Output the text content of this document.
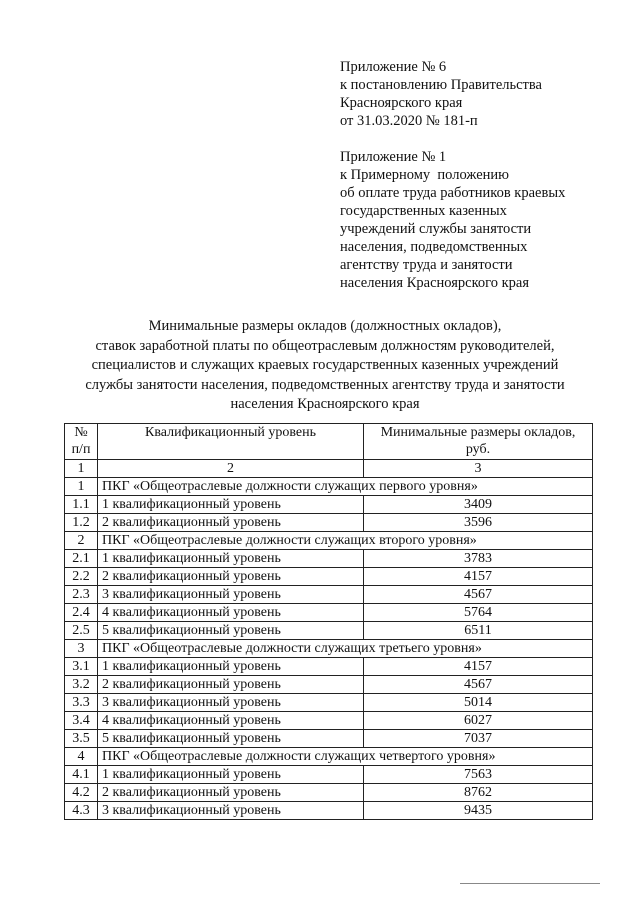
Приложение № 6
к постановлению Правительства
Красноярского края
от 31.03.2020 № 181-п
Приложение № 1
к Примерному  положению
об оплате труда работников краевых
государственных казенных
учреждений службы занятости
населения, подведомственных
агентству труда и занятости
населения Красноярского края
Минимальные размеры окладов (должностных окладов),
ставок заработной платы по общеотраслевым должностям руководителей,
специалистов и служащих краевых государственных казенных учреждений
службы занятости населения, подведомственных агентству труда и занятости
населения Красноярского края
№ п/п	Квалификационный уровень	Минимальные размеры окладов, руб.
1	2	3
1	ПКГ «Общеотраслевые должности служащих первого уровня»	
1.1	1 квалификационный уровень	3409
1.2	2 квалификационный уровень	3596
2	ПКГ «Общеотраслевые должности служащих второго уровня»	
2.1	1 квалификационный уровень	3783
2.2	2 квалификационный уровень	4157
2.3	3 квалификационный уровень	4567
2.4	4 квалификационный уровень	5764
2.5	5 квалификационный уровень	6511
3	ПКГ «Общеотраслевые должности служащих третьего уровня»	
3.1	1 квалификационный уровень	4157
3.2	2 квалификационный уровень	4567
3.3	3 квалификационный уровень	5014
3.4	4 квалификационный уровень	6027
3.5	5 квалификационный уровень	7037
4	ПКГ «Общеотраслевые должности служащих четвертого уровня»	
4.1	1 квалификационный уровень	7563
4.2	2 квалификационный уровень	8762
4.3	3 квалификационный уровень	9435
